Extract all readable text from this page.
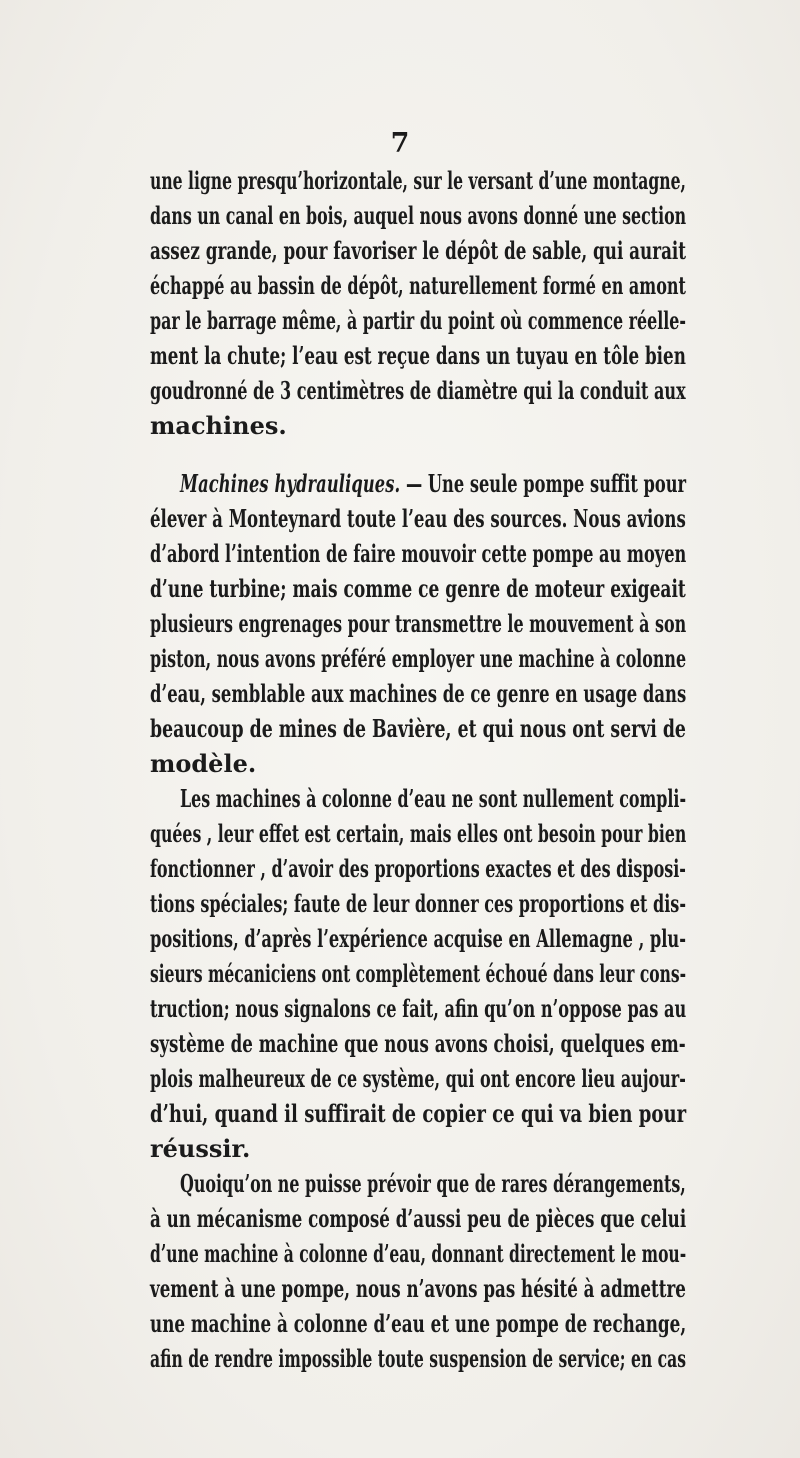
7
une ligne presqu’horizontale, sur le versant d’une montagne,
dans un canal en bois, auquel nous avons donné une section
assez grande, pour favoriser le dépôt de sable, qui aurait
échappé au bassin de dépôt, naturellement formé en amont
par le barrage même, à partir du point où commence réelle-
ment la chute; l’eau est reçue dans un tuyau en tôle bien
goudronné de 3 centimètres de diamètre qui la conduit aux
machines.
Machines hydrauliques. — Une seule pompe suffit pour
élever à Monteynard toute l’eau des sources. Nous avions
d’abord l’intention de faire mouvoir cette pompe au moyen
d’une turbine; mais comme ce genre de moteur exigeait
plusieurs engrenages pour transmettre le mouvement à son
piston, nous avons préféré employer une machine à colonne
d’eau, semblable aux machines de ce genre en usage dans
beaucoup de mines de Bavière, et qui nous ont servi de
modèle.
Les machines à colonne d’eau ne sont nullement compli-
quées , leur effet est certain, mais elles ont besoin pour bien
fonctionner , d’avoir des proportions exactes et des disposi-
tions spéciales; faute de leur donner ces proportions et dis-
positions, d’après l’expérience acquise en Allemagne , plu-
sieurs mécaniciens ont complètement échoué dans leur cons-
truction; nous signalons ce fait, afin qu’on n’oppose pas au
système de machine que nous avons choisi, quelques em-
plois malheureux de ce système, qui ont encore lieu aujour-
d’hui, quand il suffirait de copier ce qui va bien pour
réussir.
Quoiqu’on ne puisse prévoir que de rares dérangements,
à un mécanisme composé d’aussi peu de pièces que celui
d’une machine à colonne d’eau, donnant directement le mou-
vement à une pompe, nous n’avons pas hésité à admettre
une machine à colonne d’eau et une pompe de rechange,
afin de rendre impossible toute suspension de service; en cas
